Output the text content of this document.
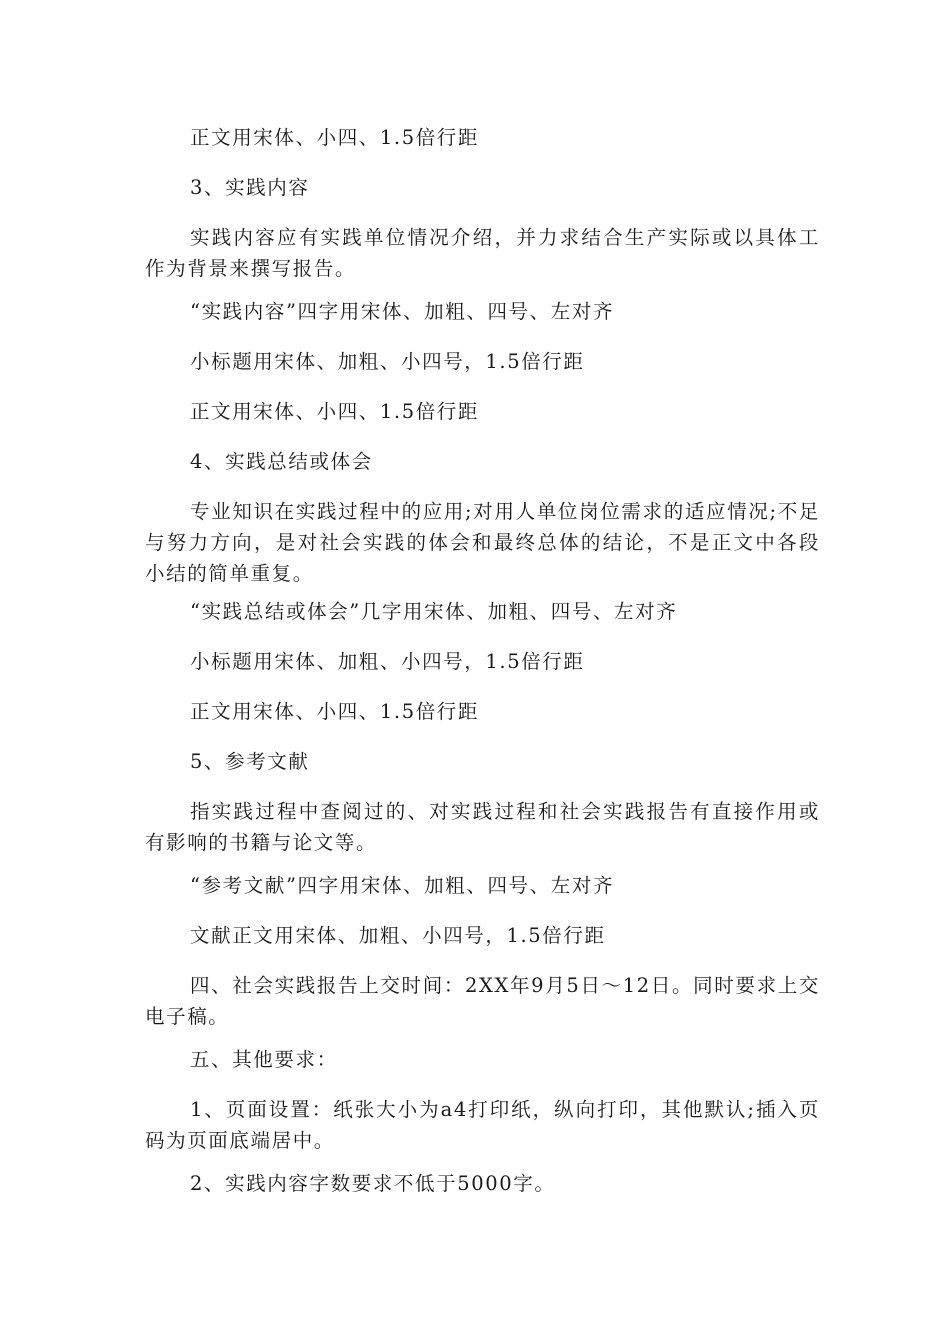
正文用宋体、小四、1.5倍行距

3、实践内容

实践内容应有实践单位情况介绍，并力求结合生产实际或以具体工作为背景来撰写报告。

“实践内容”四字用宋体、加粗、四号、左对齐

小标题用宋体、加粗、小四号，1.5倍行距

正文用宋体、小四、1.5倍行距

4、实践总结或体会

专业知识在实践过程中的应用;对用人单位岗位需求的适应情况;不足与努力方向，是对社会实践的体会和最终总体的结论，不是正文中各段小结的简单重复。

“实践总结或体会”几字用宋体、加粗、四号、左对齐

小标题用宋体、加粗、小四号，1.5倍行距

正文用宋体、小四、1.5倍行距

5、参考文献

指实践过程中查阅过的、对实践过程和社会实践报告有直接作用或有影响的书籍与论文等。

“参考文献”四字用宋体、加粗、四号、左对齐

文献正文用宋体、加粗、小四号，1.5倍行距

四、社会实践报告上交时间：2XX年9月5日～12日。同时要求上交电子稿。

五、其他要求：

1、页面设置：纸张大小为a4打印纸，纵向打印，其他默认;插入页码为页面底端居中。

2、实践内容字数要求不低于5000字。
